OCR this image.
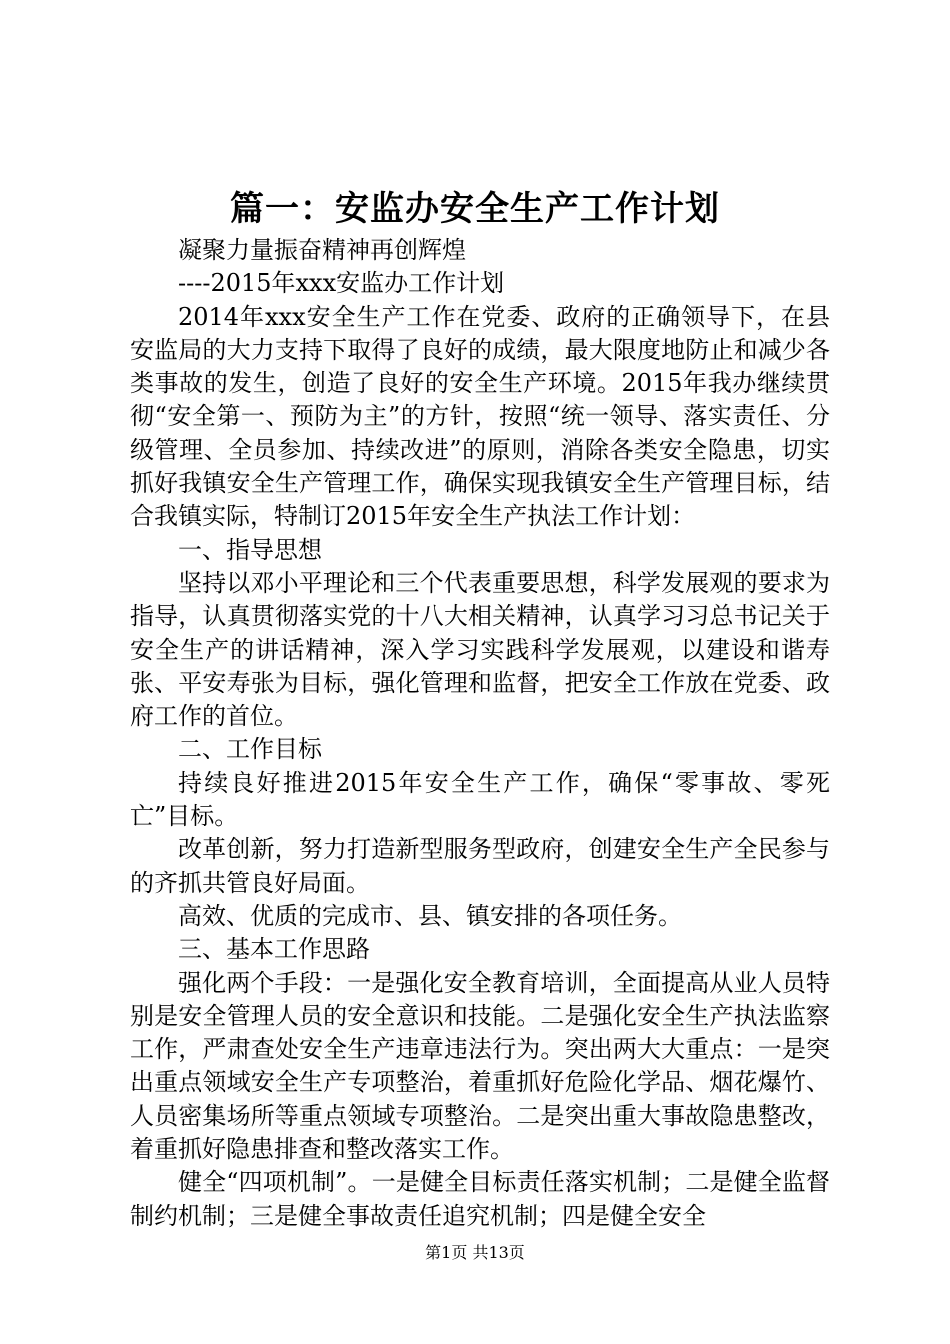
篇一：安监办安全生产工作计划

凝聚力量振奋精神再创辉煌

----2015年xxx安监办工作计划

2014年xxx安全生产工作在党委、政府的正确领导下，在县安监局的大力支持下取得了良好的成绩，最大限度地防止和减少各类事故的发生，创造了良好的安全生产环境。2015年我办继续贯彻“安全第一、预防为主”的方针，按照“统一领导、落实责任、分级管理、全员参加、持续改进”的原则，消除各类安全隐患，切实抓好我镇安全生产管理工作，确保实现我镇安全生产管理目标，结合我镇实际，特制订2015年安全生产执法工作计划：

一、指导思想

坚持以邓小平理论和三个代表重要思想，科学发展观的要求为指导，认真贯彻落实党的十八大相关精神，认真学习习总书记关于安全生产的讲话精神，深入学习实践科学发展观，以建设和谐寿张、平安寿张为目标，强化管理和监督，把安全工作放在党委、政府工作的首位。

二、工作目标

持续良好推进2015年安全生产工作，确保“零事故、零死亡”目标。

改革创新，努力打造新型服务型政府，创建安全生产全民参与的齐抓共管良好局面。

高效、优质的完成市、县、镇安排的各项任务。

三、基本工作思路

强化两个手段：一是强化安全教育培训，全面提高从业人员特别是安全管理人员的安全意识和技能。二是强化安全生产执法监察工作，严肃查处安全生产违章违法行为。突出两大大重点：一是突出重点领域安全生产专项整治，着重抓好危险化学品、烟花爆竹、人员密集场所等重点领域专项整治。二是突出重大事故隐患整改，着重抓好隐患排查和整改落实工作。

健全“四项机制”。一是健全目标责任落实机制；二是健全监督制约机制；三是健全事故责任追究机制；四是健全安全

第1页 共13页
